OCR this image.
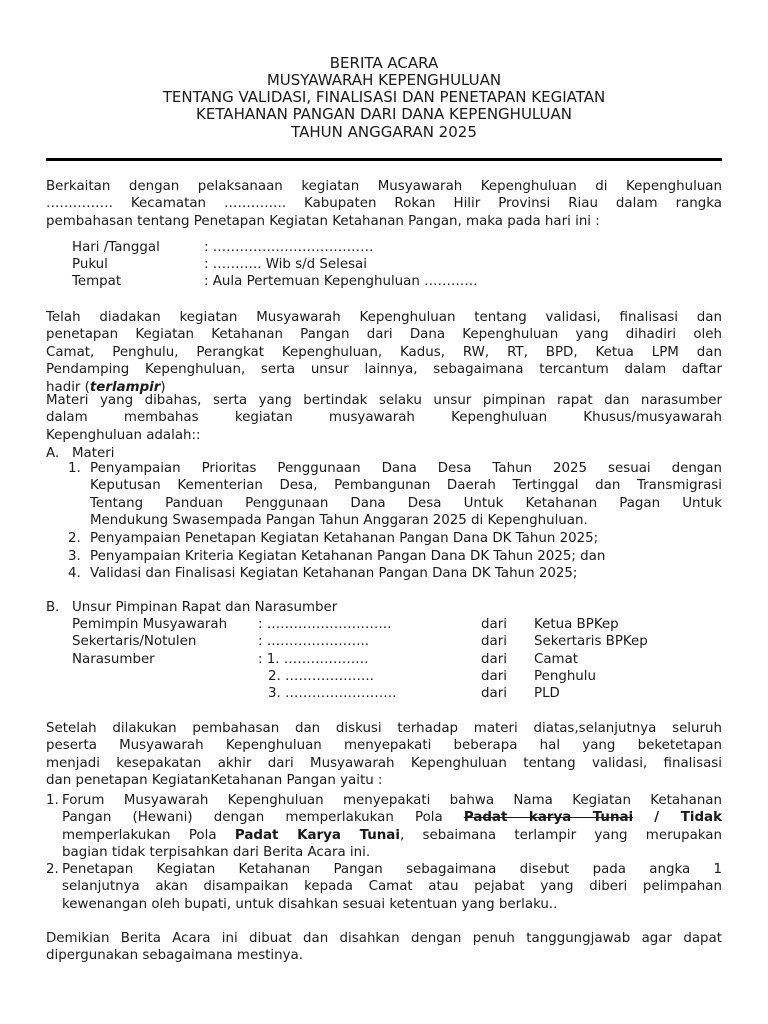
BERITA ACARA
MUSYAWARAH KEPENGHULUAN
TENTANG VALIDASI, FINALISASI DAN PENETAPAN KEGIATAN
KETAHANAN PANGAN DARI DANA KEPENGHULUAN
TAHUN ANGGARAN 2025
Berkaitan dengan pelaksanaan kegiatan Musyawarah Kepenghuluan di Kepenghuluan
…………… Kecamatan ………….. Kabupaten Rokan Hilir Provinsi Riau dalam rangka
pembahasan tentang Penetapan Kegiatan Ketahanan Pangan, maka pada hari ini :
Hari /Tanggal	: ………………………………
Pukul	: ……….. Wib s/d Selesai
Tempat	: Aula Pertemuan Kepenghuluan …………
Telah diadakan kegiatan Musyawarah Kepenghuluan tentang validasi, finalisasi dan
penetapan Kegiatan Ketahanan Pangan dari Dana Kepenghuluan yang dihadiri oleh
Camat, Penghulu, Perangkat Kepenghuluan, Kadus, RW, RT, BPD, Ketua LPM dan
Pendamping Kepenghuluan, serta unsur lainnya, sebagaimana tercantum dalam daftar
hadir (terlampir)
Materi yang dibahas, serta yang bertindak selaku unsur pimpinan rapat dan narasumber
dalam membahas kegiatan musyawarah Kepenghuluan Khusus/musyawarah
Kepenghuluan adalah::
A. Materi
1. Penyampaian Prioritas Penggunaan Dana Desa Tahun 2025 sesuai dengan
Keputusan Kementerian Desa, Pembangunan Daerah Tertinggal dan Transmigrasi
Tentang Panduan Penggunaan Dana Desa Untuk Ketahanan Pagan Untuk
Mendukung Swasempada Pangan Tahun Anggaran 2025 di Kepenghuluan.
2. Penyampaian Penetapan Kegiatan Ketahanan Pangan Dana DK Tahun 2025;
3. Penyampaian Kriteria Kegiatan Ketahanan Pangan Dana DK Tahun 2025; dan
4. Validasi dan Finalisasi Kegiatan Ketahanan Pangan Dana DK Tahun 2025;
B. Unsur Pimpinan Rapat dan Narasumber
Pemimpin Musyawarah : ……………………….	dari Ketua BPKep
Sekertaris/Notulen	: …………………..	dari Sekertaris BPKep
Narasumber	: 1. ……………….	dari Camat
2. ………………..	dari Penghulu
3. …………………….	dari PLD
Setelah dilakukan pembahasan dan diskusi terhadap materi diatas,selanjutnya seluruh
peserta Musyawarah Kepenghuluan menyepakati beberapa hal yang beketetapan
menjadi kesepakatan akhir dari Musyawarah Kepenghuluan tentang validasi, finalisasi
dan penetapan KegiatanKetahanan Pangan yaitu :
1. Forum Musyawarah Kepenghuluan menyepakati bahwa Nama Kegiatan Ketahanan
Pangan (Hewani) dengan memperlakukan Pola Padat karya Tunai / Tidak
memperlakukan Pola Padat Karya Tunai, sebaimana terlampir yang merupakan
bagian tidak terpisahkan dari Berita Acara ini.
2. Penetapan Kegiatan Ketahanan Pangan sebagaimana disebut pada angka 1
selanjutnya akan disampaikan kepada Camat atau pejabat yang diberi pelimpahan
kewenangan oleh bupati, untuk disahkan sesuai ketentuan yang berlaku..
Demikian Berita Acara ini dibuat dan disahkan dengan penuh tanggungjawab agar dapat
dipergunakan sebagaimana mestinya.
